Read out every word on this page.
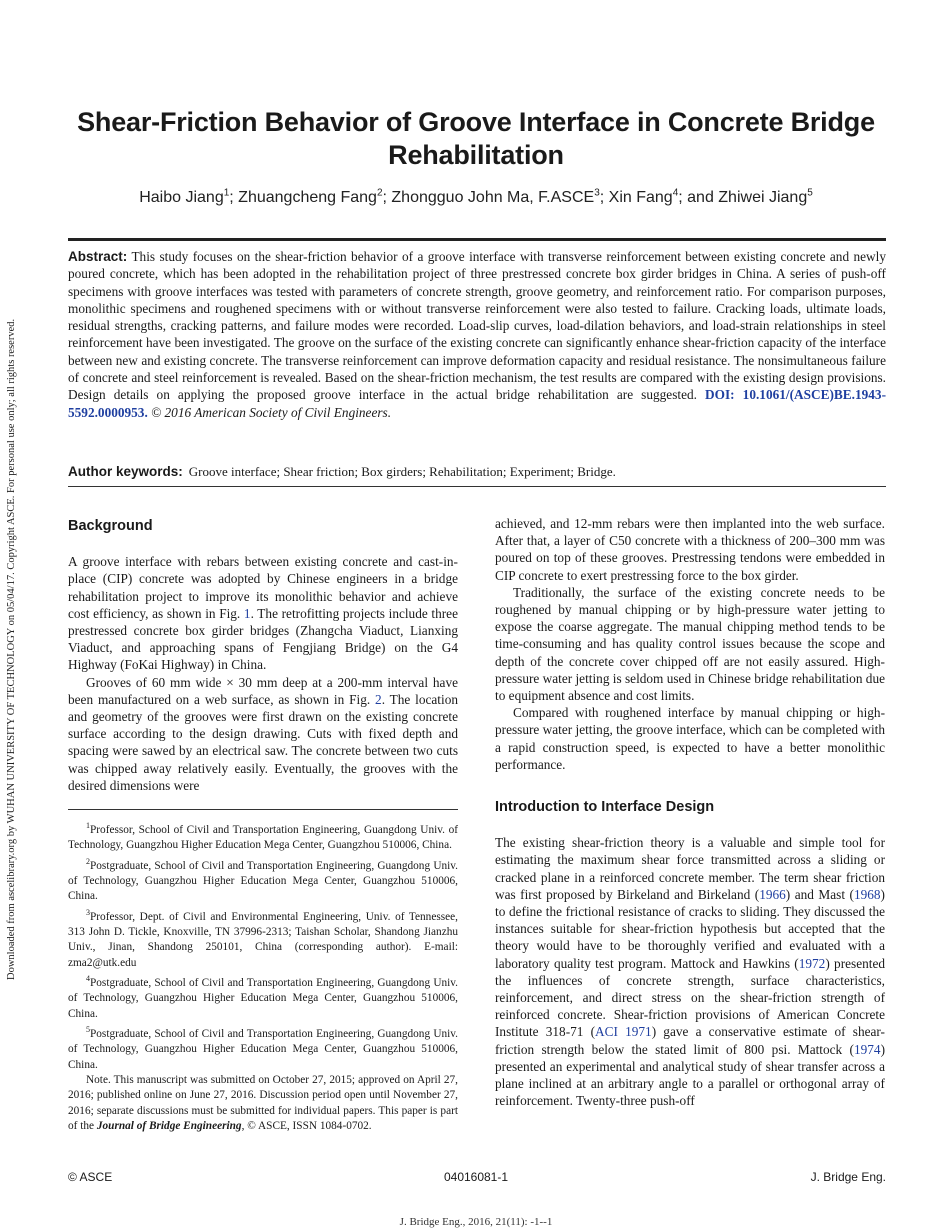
Downloaded from ascelibrary.org by WUHAN UNIVERSITY OF TECHNOLOGY on 05/04/17. Copyright ASCE. For personal use only; all rights reserved.
Shear-Friction Behavior of Groove Interface in Concrete Bridge Rehabilitation
Haibo Jiang$^1$; Zhuangcheng Fang$^2$; Zhongguo John Ma, F.ASCE$^3$; Xin Fang$^4$; and Zhiwei Jiang$^5$
Abstract: This study focuses on the shear-friction behavior of a groove interface with transverse reinforcement between existing concrete and newly poured concrete, which has been adopted in the rehabilitation project of three prestressed concrete box girder bridges in China. A series of push-off specimens with groove interfaces was tested with parameters of concrete strength, groove geometry, and reinforcement ratio. For comparison purposes, monolithic specimens and roughened specimens with or without transverse reinforcement were also tested to failure. Cracking loads, ultimate loads, residual strengths, cracking patterns, and failure modes were recorded. Load-slip curves, load-dilation behaviors, and load-strain relationships in steel reinforcement have been investigated. The groove on the surface of the existing concrete can significantly enhance shear-friction capacity of the interface between new and existing concrete. The transverse reinforcement can improve deformation capacity and residual resistance. The nonsimultaneous failure of concrete and steel reinforcement is revealed. Based on the shear-friction mechanism, the test results are compared with the existing design provisions. Design details on applying the proposed groove interface in the actual bridge rehabilitation are suggested. DOI: 10.1061/(ASCE)BE.1943-5592.0000953. © 2016 American Society of Civil Engineers.
Author keywords: Groove interface; Shear friction; Box girders; Rehabilitation; Experiment; Bridge.
Background

A groove interface with rebars between existing concrete and cast-in-place (CIP) concrete was adopted by Chinese engineers in a bridge rehabilitation project to improve its monolithic behavior and achieve cost efficiency, as shown in Fig. 1. The retrofitting projects include three prestressed concrete box girder bridges (Zhangcha Viaduct, Lianxing Viaduct, and approaching spans of Fengjiang Bridge) on the G4 Highway (FoKai Highway) in China.

Grooves of 60 mm wide × 30 mm deep at a 200-mm interval have been manufactured on a web surface, as shown in Fig. 2. The location and geometry of the grooves were first drawn on the existing concrete surface according to the design drawing. Cuts with fixed depth and spacing were sawed by an electrical saw. The concrete between two cuts was chipped away relatively easily. Eventually, the grooves with the desired dimensions were

$^1$Professor, School of Civil and Transportation Engineering, Guangdong Univ. of Technology, Guangzhou Higher Education Mega Center, Guangzhou 510006, China.

$^2$Postgraduate, School of Civil and Transportation Engineering, Guangdong Univ. of Technology, Guangzhou Higher Education Mega Center, Guangzhou 510006, China.

$^3$Professor, Dept. of Civil and Environmental Engineering, Univ. of Tennessee, 313 John D. Tickle, Knoxville, TN 37996-2313; Taishan Scholar, Shandong Jianzhu Univ., Jinan, Shandong 250101, China (corresponding author). E-mail: zma2@utk.edu

$^4$Postgraduate, School of Civil and Transportation Engineering, Guangdong Univ. of Technology, Guangzhou Higher Education Mega Center, Guangzhou 510006, China.

$^5$Postgraduate, School of Civil and Transportation Engineering, Guangdong Univ. of Technology, Guangzhou Higher Education Mega Center, Guangzhou 510006, China.

Note. This manuscript was submitted on October 27, 2015; approved on April 27, 2016; published online on June 27, 2016. Discussion period open until November 27, 2016; separate discussions must be submitted for individual papers. This paper is part of the Journal of Bridge Engineering, © ASCE, ISSN 1084-0702.

achieved, and 12-mm rebars were then implanted into the web surface. After that, a layer of C50 concrete with a thickness of 200–300 mm was poured on top of these grooves. Prestressing tendons were embedded in CIP concrete to exert prestressing force to the box girder.

Traditionally, the surface of the existing concrete needs to be roughened by manual chipping or by high-pressure water jetting to expose the coarse aggregate. The manual chipping method tends to be time-consuming and has quality control issues because the scope and depth of the concrete cover chipped off are not easily assured. High-pressure water jetting is seldom used in Chinese bridge rehabilitation due to equipment absence and cost limits.

Compared with roughened interface by manual chipping or high-pressure water jetting, the groove interface, which can be completed with a rapid construction speed, is expected to have a better monolithic performance.

Introduction to Interface Design

The existing shear-friction theory is a valuable and simple tool for estimating the maximum shear force transmitted across a sliding or cracked plane in a reinforced concrete member. The term shear friction was first proposed by Birkeland and Birkeland (1966) and Mast (1968) to define the frictional resistance of cracks to sliding. They discussed the instances suitable for shear-friction hypothesis but accepted that the theory would have to be thoroughly verified and evaluated with a laboratory quality test program. Mattock and Hawkins (1972) presented the influences of concrete strength, surface characteristics, reinforcement, and direct stress on the shear-friction strength of reinforced concrete. Shear-friction provisions of American Concrete Institute 318-71 (ACI 1971) gave a conservative estimate of shear-friction strength below the stated limit of 800 psi. Mattock (1974) presented an experimental and analytical study of shear transfer across a plane inclined at an arbitrary angle to a parallel or orthogonal array of reinforcement. Twenty-three push-off

© ASCE	04016081-1	J. Bridge Eng.
J. Bridge Eng., 2016, 21(11): -1--1
